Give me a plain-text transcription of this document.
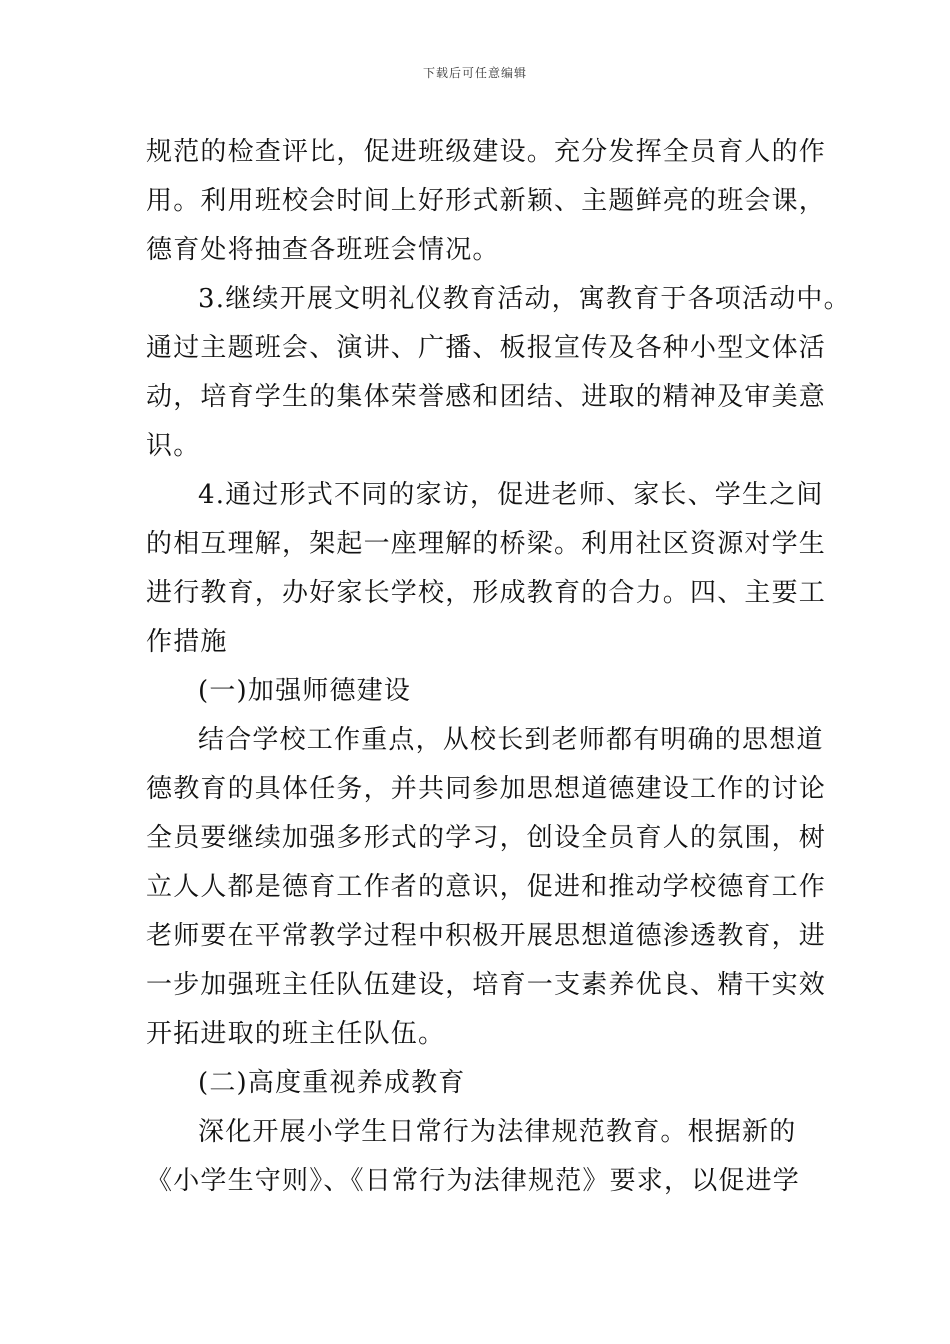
下载后可任意编辑
规范的检查评比，促进班级建设。充分发挥全员育人的作
用。利用班校会时间上好形式新颖、主题鲜亮的班会课，
德育处将抽查各班班会情况。
3.继续开展文明礼仪教育活动，寓教育于各项活动中。
通过主题班会、演讲、广播、板报宣传及各种小型文体活
动，培育学生的集体荣誉感和团结、进取的精神及审美意
识。
4.通过形式不同的家访，促进老师、家长、学生之间
的相互理解，架起一座理解的桥梁。利用社区资源对学生
进行教育，办好家长学校，形成教育的合力。四、主要工
作措施
(一)加强师德建设
结合学校工作重点，从校长到老师都有明确的思想道
德教育的具体任务，并共同参加思想道德建设工作的讨论
全员要继续加强多形式的学习，创设全员育人的氛围，树
立人人都是德育工作者的意识，促进和推动学校德育工作
老师要在平常教学过程中积极开展思想道德渗透教育，进
一步加强班主任队伍建设，培育一支素养优良、精干实效
开拓进取的班主任队伍。
(二)高度重视养成教育
深化开展小学生日常行为法律规范教育。根据新的
《小学生守则》、《日常行为法律规范》要求，以促进学
